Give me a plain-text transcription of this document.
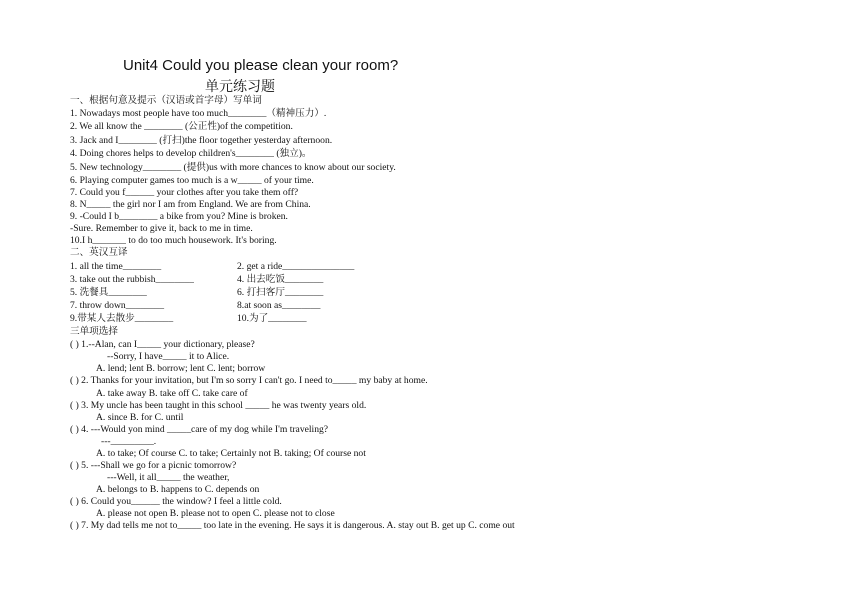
Unit4 Could you please clean your room?
单元练习题
一、根据句意及提示（汉语或首字母）写单词
1. Nowadays most people have too much________（精神压力）.
2. We all know the ________ (公正性)of the competition.
3. Jack and I________ (打扫)the floor together yesterday afternoon.
4. Doing chores helps to develop children's________ (独立)。
5. New technology________ (提供)us with more chances to know about our society.
6. Playing computer games too much is a w_____ of your time.
7. Could you f______ your clothes after you take them off?
8. N_____ the girl nor I am from England. We are from China.
9. -Could I b________ a bike from you? Mine is broken.
-Sure. Remember to give it, back to me in time.
10.I h_______ to do too much housework. It's boring.
二、英汉互译
1. all the time________	2. get a ride_______________
3. take out the rubbish________	4. 出去吃饭________
5. 洗餐具________	6. 打扫客厅________
7. throw down________	8.at soon as________
9.带某人去散步________	10.为了________
三单项选择
( ) 1.--Alan, can I_____ your dictionary, please?
--Sorry, I have_____ it to Alice.
A. lend; lent B. borrow; lent C. lent; borrow
( ) 2. Thanks for your invitation, but I'm so sorry I can't go. I need to_____ my baby at home.
A. take away B. take off C. take care of
( ) 3. My uncle has been taught in this school _____ he was twenty years old.
A. since B. for C. until
( ) 4. ---Would yon mind _____care of my dog while I'm traveling?
---_________.
A. to take; Of course C. to take; Certainly not B. taking; Of course not
( ) 5. ---Shall we go for a picnic tomorrow?
---Well, it all_____ the weather,
A. belongs to B. happens to C. depends on
( ) 6. Could you______ the window? I feel a little cold.
A. please not open B. please not to open C. please not to close
( ) 7. My dad tells me not to_____ too late in the evening. He says it is dangerous. A. stay out B. get up C. come out
